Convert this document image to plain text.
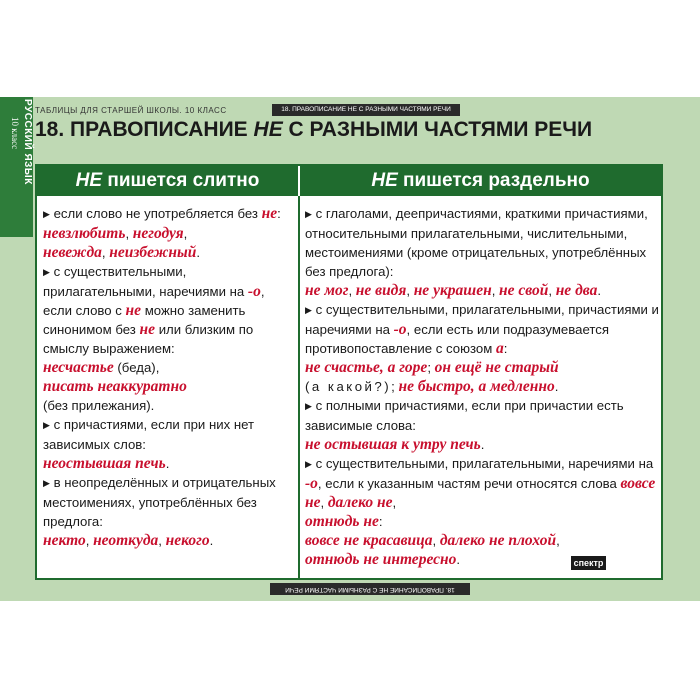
РУССКИЙ ЯЗЫК
10 класс
18. ПРАВОПИСАНИЕ НЕ С РАЗНЫМИ ЧАСТЯМИ РЕЧИ
ТАБЛИЦЫ ДЛЯ СТАРШЕЙ ШКОЛЫ. 10 КЛАСС
18. ПРАВОПИСАНИЕ НЕ С РАЗНЫМИ ЧАСТЯМИ РЕЧИ
НЕ пишется слитно	НЕ пишется раздельно

▶ если слово не употребляется без не:

невзлюбить, негодуя,
невежда, неизбежный.

▶ с существительными, прилагательными, наречиями на -о, если слово с не можно заменить синонимом без не или близким по смыслу выражением:

несчастье (беда),
писать неаккуратно
(без прилежания).

▶ с причастиями, если при них нет зависимых слов:
неостывшая печь.

▶ в неопределённых и отрицательных местоимениях, употреблённых без предлога:
некто, неоткуда, некого.

▶ с глаголами, деепричастиями, краткими причастиями, относительными прилагательными, числительными, местоимениями (кроме отрицательных, употреблённых без предлога):
не мог, не видя, не украшен, не свой, не два.

▶ с существительными, прилагательными, причастиями и наречиями на -о, если есть или подразумевается противопоставление с союзом а:
не счастье, а горе; он ещё не старый
(а какой?); не быстро, а медленно.

▶ с полными причастиями, если при причастии есть зависимые слова:
не остывшая к утру печь.

▶ с существительными, прилагательными, наречиями на -о, если к указанным частям речи относятся слова вовсе не, далеко не,
отнюдь не:
вовсе не красавица, далеко не плохой,
отнюдь не интересно.

18. ПРАВОПИСАНИЕ НЕ С РАЗНЫМИ ЧАСТЯМИ РЕЧИ
спектр
